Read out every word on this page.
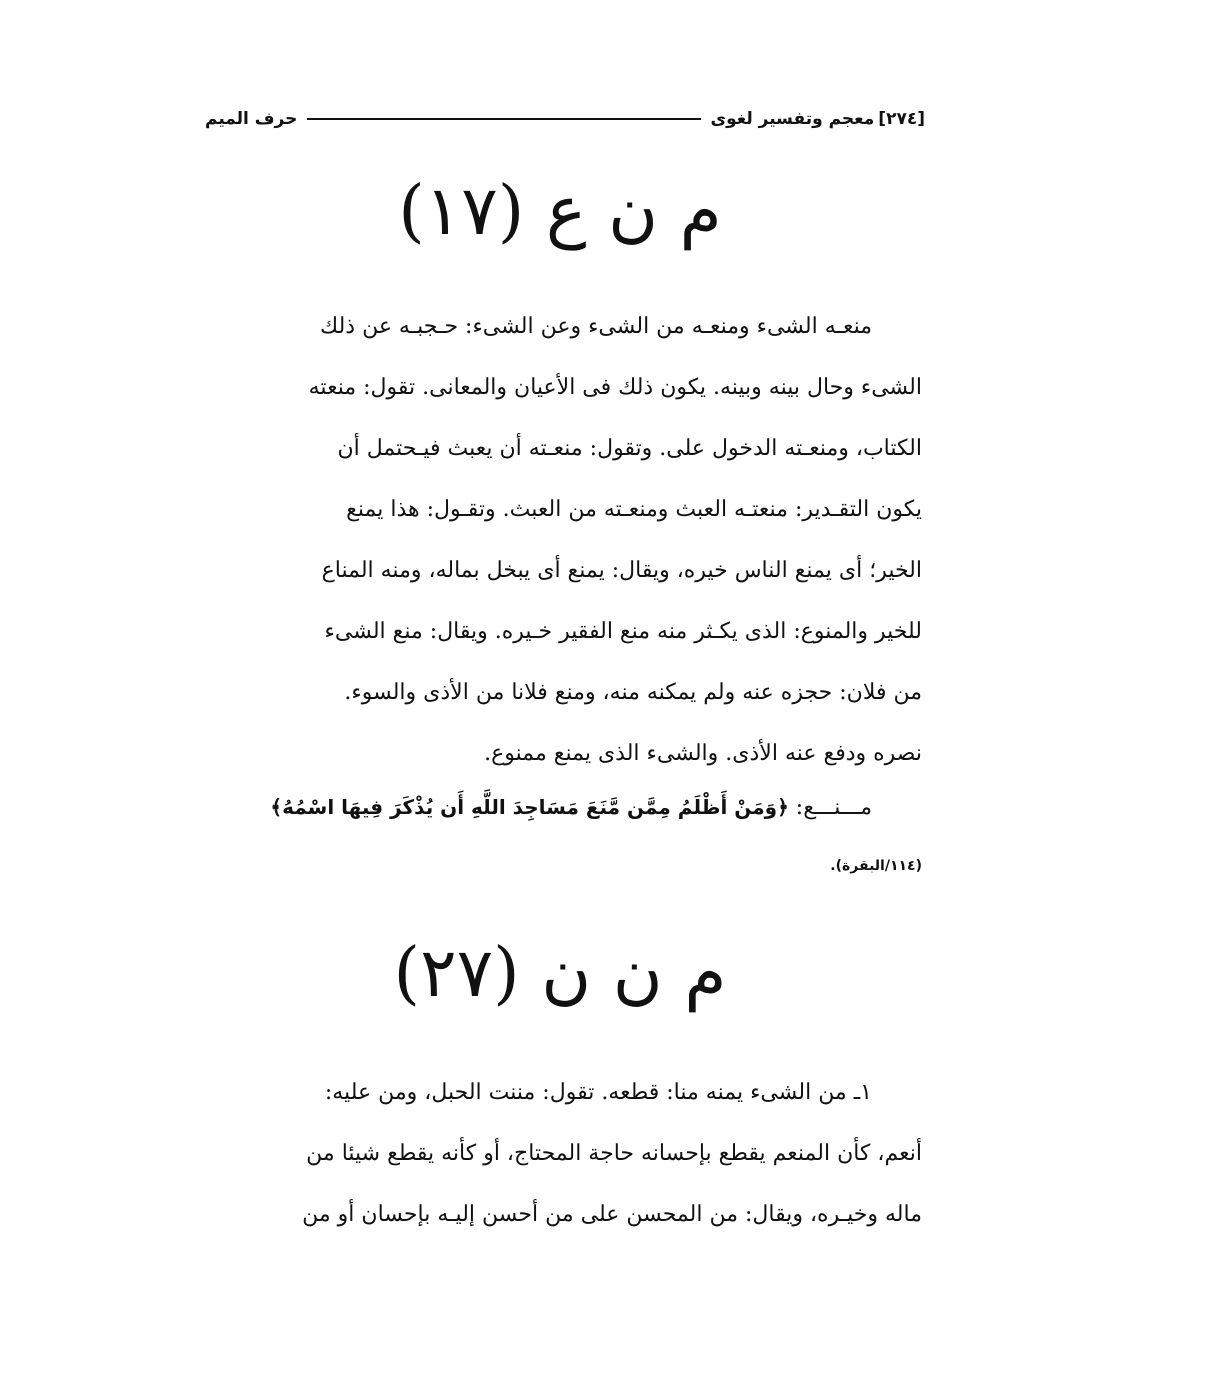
[٢٧٤]
معجم وتفسير لغوى
حرف الميم
م ن ع (١٧)
منعـه الشىء ومنعـه من الشىء وعن الشىء: حـجبـه عن ذلك
الشىء وحال بينه وبينه. يكون ذلك فى الأعيان والمعانى. تقول: منعته
الكتاب، ومنعـته الدخول على. وتقول: منعـته أن يعبث فيـحتمل أن
يكون التقـدير: منعتـه العبث ومنعـته من العبث. وتقـول: هذا يمنع
الخير؛ أى يمنع الناس خيره، ويقال: يمنع أى يبخل بماله، ومنه المناع
للخير والمنوع: الذى يكـثر منه منع الفقير خـيره. ويقال: منع الشىء
من فلان: حجزه عنه ولم يمكنه منه، ومنع فلانا من الأذى والسوء.
نصره ودفع عنه الأذى. والشىء الذى يمنع ممنوع.
مـــنـــع: ﴿وَمَنْ أَظْلَمُ مِمَّن مَّنَعَ مَسَاجِدَ اللَّهِ أَن يُذْكَرَ فِيهَا اسْمُهُ﴾
(١١٤/البقرة).
م ن ن (٢٧)
١ـ من الشىء يمنه منا: قطعه. تقول: مننت الحبل، ومن عليه:
أنعم، كأن المنعم يقطع بإحسانه حاجة المحتاج، أو كأنه يقطع شيئا من
ماله وخيـره، ويقال: من المحسن على من أحسن إليـه بإحسان أو من
